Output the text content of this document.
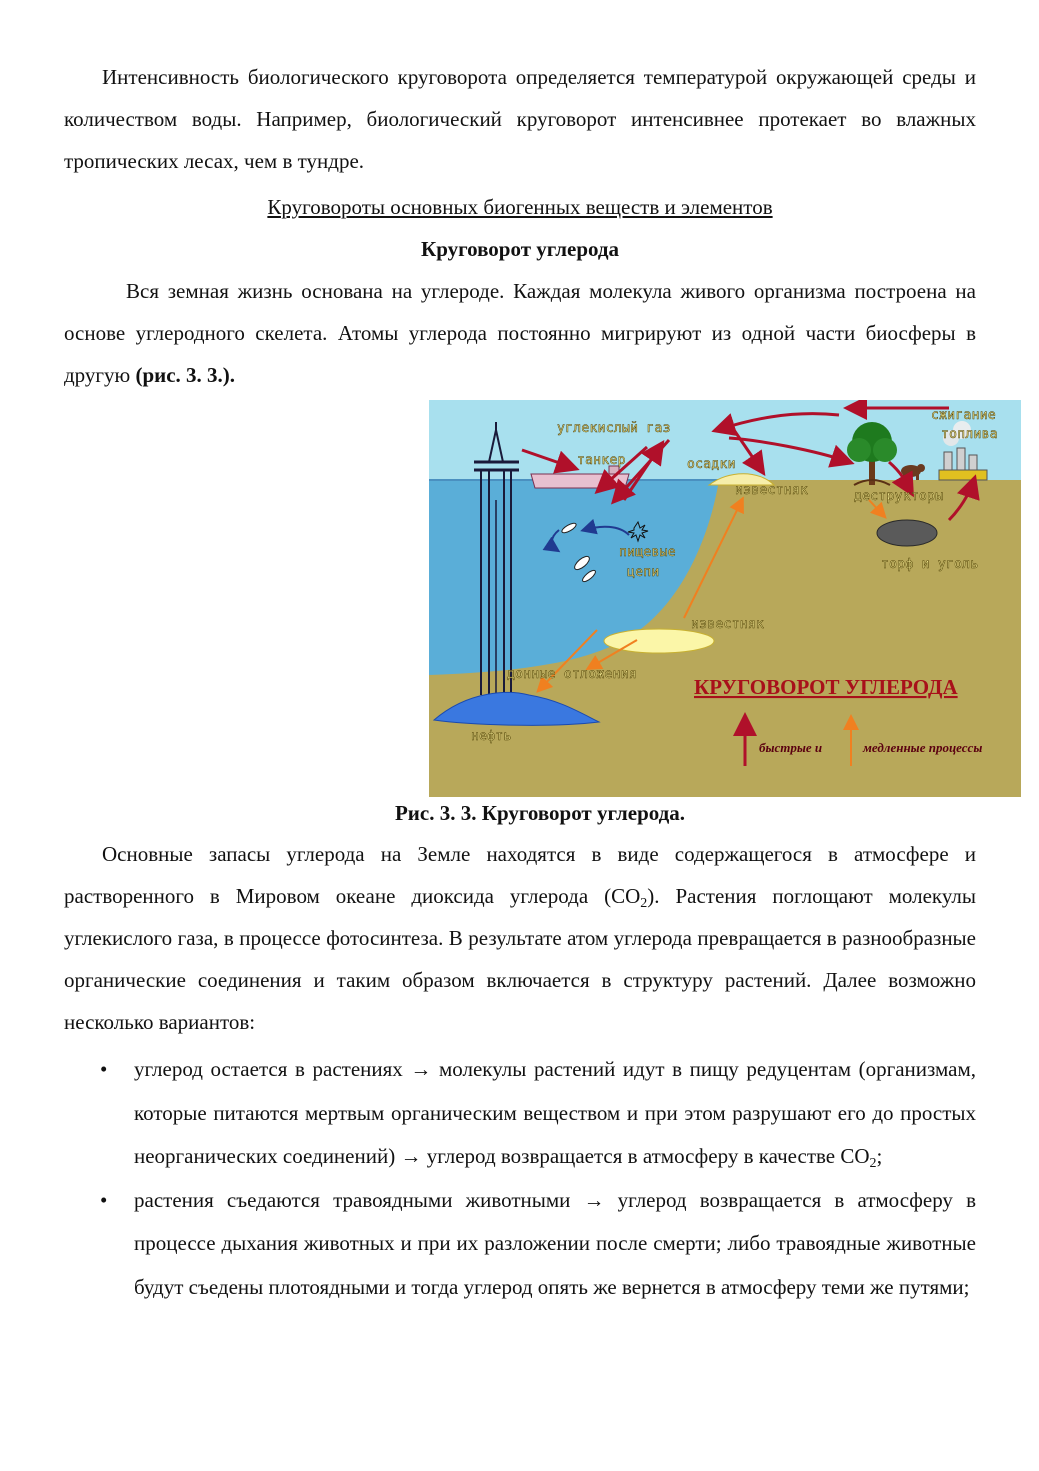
Интенсивность биологического круговорота определяется температурой окружающей среды и количеством воды. Например, биологический круговорот интенсивнее протекает во влажных тропических лесах, чем в тундре.

Круговороты основных биогенных веществ и элементов
Круговорот углерода

Вся земная жизнь основана на углероде. Каждая молекула живого организма построена на основе углеродного скелета. Атомы углерода постоянно мигрируют из одной части биосферы в другую (рис. 3. 3.).

углекислый газ
сжигание
топлива
танкер	осадки
известняк	деструкторы
пищевые
цепи
торф и уголь
известняк
донные отложения
нефть
КРУГОВОРОТ УГЛЕРОДА
быстрые и	медленные процессы
Рис. 3. 3. Круговорот углерода.

Основные запасы углерода на Земле находятся в виде содержащегося в атмосфере и растворенного в Мировом океане диоксида углерода $(CO_2)$. Растения поглощают молекулы углекислого газа, в процессе фотосинтеза. В результате атом углерода превращается в разнообразные органические соединения и таким образом включается в структуру растений. Далее возможно несколько вариантов:

• углерод остается в растениях → молекулы растений идут в пищу редуцентам (организмам, которые питаются мертвым органическим веществом и при этом разрушают его до простых неорганических соединений) → углерод возвращается в атмосферу в качестве $CO_2$;
• растения съедаются травоядными животными → углерод возвращается в атмосферу в процессе дыхания животных и при их разложении после смерти; либо травоядные животные будут съедены плотоядными и тогда углерод опять же вернется в атмосферу теми же путями;
